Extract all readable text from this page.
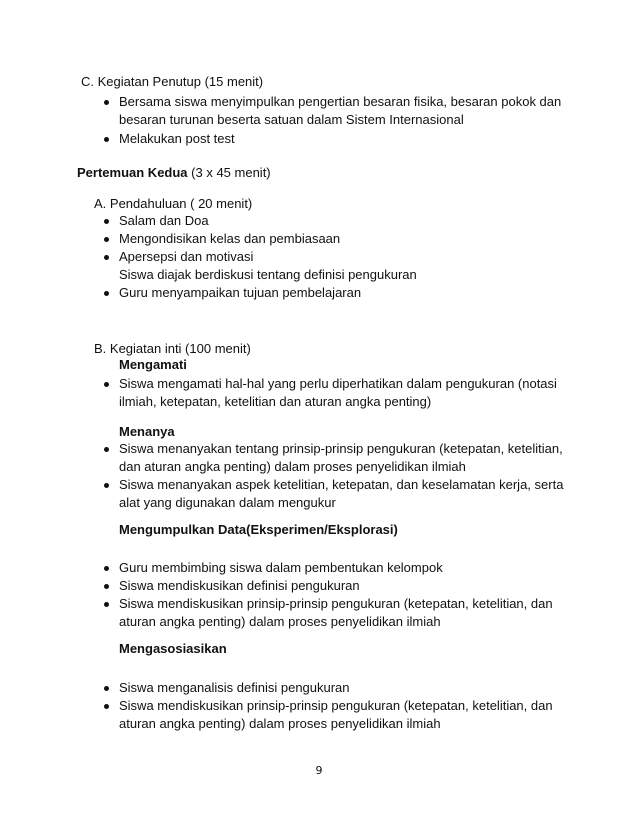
C. Kegiatan Penutup (15 menit)
Bersama siswa menyimpulkan pengertian besaran fisika, besaran pokok dan
besaran turunan beserta satuan dalam Sistem Internasional
Melakukan post test
Pertemuan Kedua (3 x 45 menit)
A. Pendahuluan ( 20 menit)
Salam dan Doa
Mengondisikan kelas dan pembiasaan
Apersepsi dan motivasi
Siswa diajak berdiskusi tentang definisi pengukuran
Guru menyampaikan tujuan pembelajaran
B. Kegiatan inti (100 menit)
Mengamati
Siswa mengamati hal-hal yang perlu diperhatikan dalam pengukuran (notasi
ilmiah, ketepatan, ketelitian dan aturan angka penting)
Menanya
Siswa menanyakan tentang prinsip-prinsip pengukuran (ketepatan, ketelitian,
dan aturan angka penting) dalam proses penyelidikan ilmiah
Siswa menanyakan aspek ketelitian, ketepatan, dan keselamatan kerja, serta
alat yang digunakan dalam mengukur
Mengumpulkan Data(Eksperimen/Eksplorasi)
Guru membimbing siswa dalam pembentukan kelompok
Siswa mendiskusikan definisi pengukuran
Siswa mendiskusikan prinsip-prinsip pengukuran (ketepatan, ketelitian, dan
aturan angka penting) dalam proses penyelidikan ilmiah
Mengasosiasikan
Siswa menganalisis definisi pengukuran
Siswa mendiskusikan prinsip-prinsip pengukuran (ketepatan, ketelitian, dan
aturan angka penting) dalam proses penyelidikan ilmiah
9
